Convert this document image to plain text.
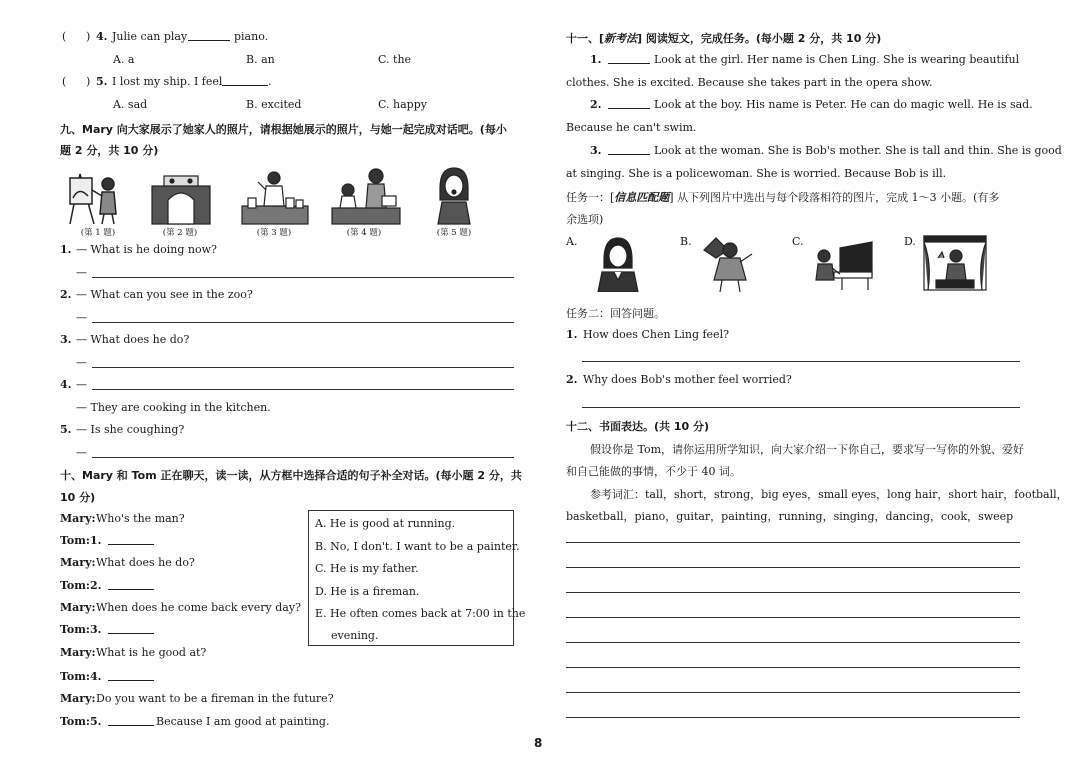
( ) 4. Julie can play	piano.
A. a	B. an	C. the
( ) 5. I lost my ship. I feel	.
A. sad	B. excited	C. happy
九、Mary 向大家展示了她家人的照片，请根据她展示的照片，与她一起完成对话吧。(每小
题 2 分，共 10 分)
(第 1 题)	(第 2 题)	(第 3 题)	(第 4 题)	(第 5 题)
1. — What is he doing now?
—
2. — What can you see in the zoo?
—
3. — What does he do?
—
4. —
— They are cooking in the kitchen.
5. — Is she coughing?
—
十、Mary 和 Tom 正在聊天，读一读，从方框中选择合适的句子补全对话。(每小题 2 分，共
10 分)
Mary: Who's the man?
Tom: 1.
Mary: What does he do?
Tom: 2.
Mary: When does he come back every day?
Tom: 3.
Mary: What is he good at?
Tom: 4.
Mary: Do you want to be a fireman in the future?
Tom: 5.	Because I am good at painting.
A. He is good at running.
B. No, I don't. I want to be a painter.
C. He is my father.
D. He is a fireman.
E. He often comes back at 7:00 in the
evening.
十一、[新考法] 阅读短文，完成任务。(每小题 2 分，共 10 分)
1.	Look at the girl. Her name is Chen Ling. She is wearing beautiful
clothes. She is excited. Because she takes part in the opera show.
2.	Look at the boy. His name is Peter. He can do magic well. He is sad.
Because he can't swim.
3.	Look at the woman. She is Bob's mother. She is tall and thin. She is good
at singing. She is a policewoman. She is worried. Because Bob is ill.
任务一：[信息匹配题] 从下列图片中选出与每个段落相符的图片，完成 1～3 小题。(有多
余选项)
A.	B.	C.	D.
任务二：回答问题。
1. How does Chen Ling feel?
2. Why does Bob's mother feel worried?
十二、书面表达。(共 10 分)
假设你是 Tom，请你运用所学知识，向大家介绍一下你自己，要求写一写你的外貌、爱好
和自己能做的事情，不少于 40 词。
参考词汇：tall，short，strong，big eyes，small eyes，long hair，short hair，football，
basketball，piano，guitar，painting，running，singing，dancing，cook，sweep
8
